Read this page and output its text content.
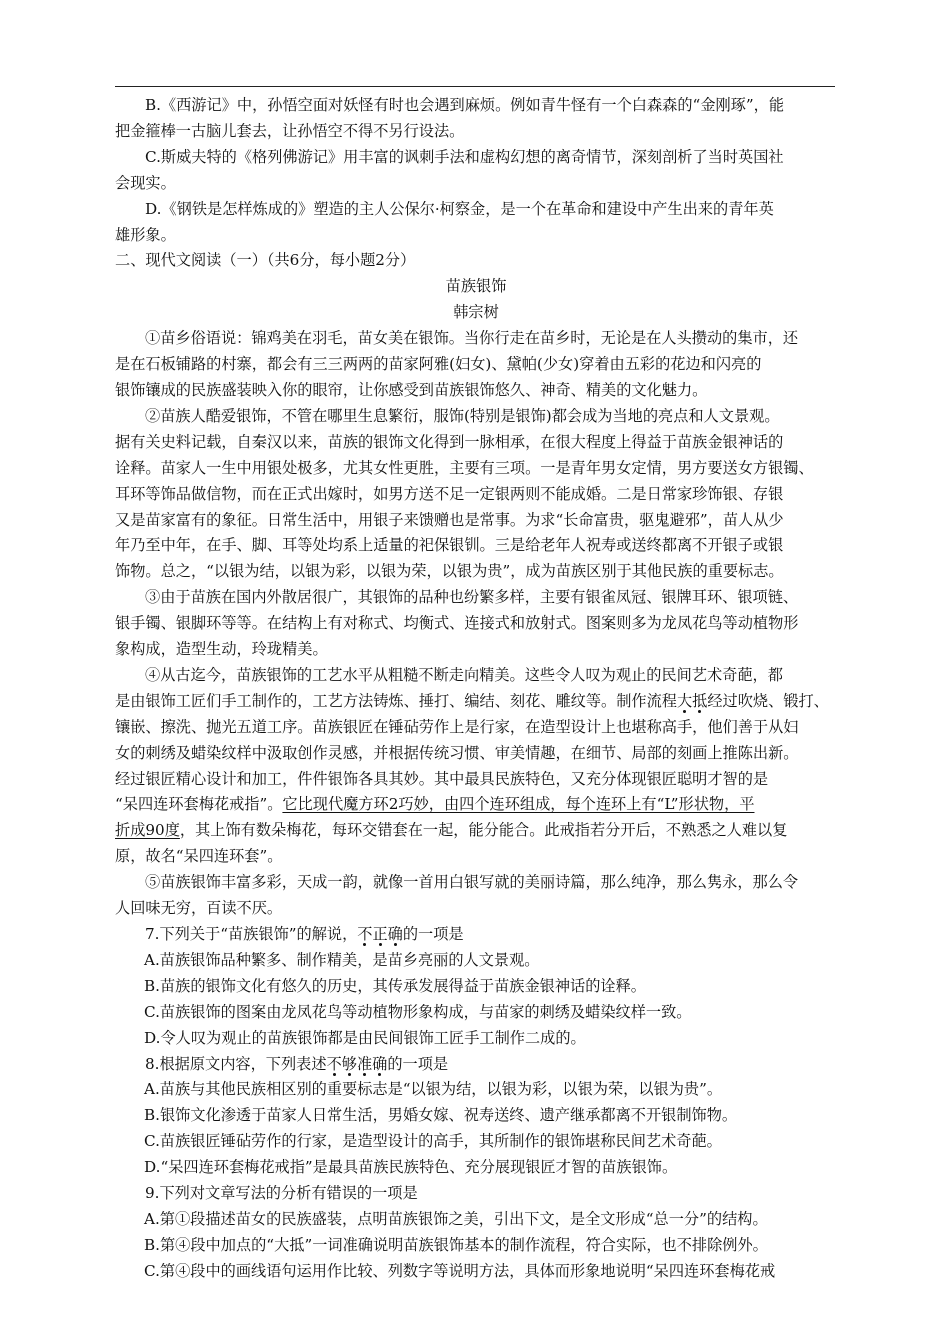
B.《西游记》中，孙悟空面对妖怪有时也会遇到麻烦。例如青牛怪有一个白森森的“金刚琢”，能

把金箍棒一古脑儿套去，让孙悟空不得不另行设法。

C.斯威夫特的《格列佛游记》用丰富的讽刺手法和虚构幻想的离奇情节，深刻剖析了当时英国社

会现实。

D.《钢铁是怎样炼成的》塑造的主人公保尔·柯察金，是一个在革命和建设中产生出来的青年英

雄形象。

二、现代文阅读（一）（共6分，每小题2分）

苗族银饰

韩宗树

①苗乡俗语说：锦鸡美在羽毛，苗女美在银饰。当你行走在苗乡时，无论是在人头攒动的集市，还

是在石板铺路的村寨，都会有三三两两的苗家阿雅(妇女)、黛帕(少女)穿着由五彩的花边和闪亮的

银饰镶成的民族盛装映入你的眼帘，让你感受到苗族银饰悠久、神奇、精美的文化魅力。

②苗族人酷爱银饰，不管在哪里生息繁衍，服饰(特别是银饰)都会成为当地的亮点和人文景观。

据有关史料记载，自秦汉以来，苗族的银饰文化得到一脉相承，在很大程度上得益于苗族金银神话的

诠释。苗家人一生中用银处极多，尤其女性更胜，主要有三项。一是青年男女定情，男方要送女方银镯、

耳环等饰品做信物，而在正式出嫁时，如男方送不足一定银两则不能成婚。二是日常家珍饰银、存银

又是苗家富有的象征。日常生活中，用银子来馈赠也是常事。为求“长命富贵，驱鬼避邪”，苗人从少

年乃至中年，在手、脚、耳等处均系上适量的祀保银钏。三是给老年人祝寿或送终都离不开银子或银

饰物。总之，“以银为结，以银为彩，以银为荣，以银为贵”，成为苗族区别于其他民族的重要标志。

③由于苗族在国内外散居很广，其银饰的品种也纷繁多样，主要有银雀凤冠、银牌耳环、银项链、

银手镯、银脚环等等。在结构上有对称式、均衡式、连接式和放射式。图案则多为龙凤花鸟等动植物形

象构成，造型生动，玲珑精美。

④从古迄今，苗族银饰的工艺水平从粗糙不断走向精美。这些令人叹为观止的民间艺术奇葩，都

是由银饰工匠们手工制作的，工艺方法铸炼、捶打、编结、刻花、雕纹等。制作流程大抵经过吹烧、锻打、

镶嵌、擦洗、抛光五道工序。苗族银匠在锤砧劳作上是行家，在造型设计上也堪称高手，他们善于从妇

女的刺绣及蜡染纹样中汲取创作灵感，并根据传统习惯、审美情趣，在细节、局部的刻画上推陈出新。

经过银匠精心设计和加工，件件银饰各具其妙。其中最具民族特色，又充分体现银匠聪明才智的是

“呆四连环套梅花戒指”。它比现代魔方环2巧妙，由四个连环组成，每个连环上有“L”形状物，平

折成90度，其上饰有数朵梅花，每环交错套在一起，能分能合。此戒指若分开后，不熟悉之人难以复

原，故名“呆四连环套”。

⑤苗族银饰丰富多彩，天成一韵，就像一首用白银写就的美丽诗篇，那么纯净，那么隽永，那么令

人回味无穷，百读不厌。

7.下列关于“苗族银饰”的解说，不正确的一项是

A.苗族银饰品种繁多、制作精美，是苗乡亮丽的人文景观。

B.苗族的银饰文化有悠久的历史，其传承发展得益于苗族金银神话的诠释。

C.苗族银饰的图案由龙凤花鸟等动植物形象构成，与苗家的刺绣及蜡染纹样一致。

D.令人叹为观止的苗族银饰都是由民间银饰工匠手工制作二成的。

8.根据原文内容，下列表述不够准确的一项是

A.苗族与其他民族相区别的重要标志是“以银为结，以银为彩，以银为荣，以银为贵”。

B.银饰文化渗透于苗家人日常生活，男婚女嫁、祝寿送终、遗产继承都离不开银制饰物。

C.苗族银匠锤砧劳作的行家，是造型设计的高手，其所制作的银饰堪称民间艺术奇葩。

D.“呆四连环套梅花戒指”是最具苗族民族特色、充分展现银匠才智的苗族银饰。

9.下列对文章写法的分析有错误的一项是

A.第①段描述苗女的民族盛装，点明苗族银饰之美，引出下文，是全文形成“总一分”的结构。

B.第④段中加点的“大抵”一词准确说明苗族银饰基本的制作流程，符合实际，也不排除例外。

C.第④段中的画线语句运用作比较、列数字等说明方法，具体而形象地说明“呆四连环套梅花戒
